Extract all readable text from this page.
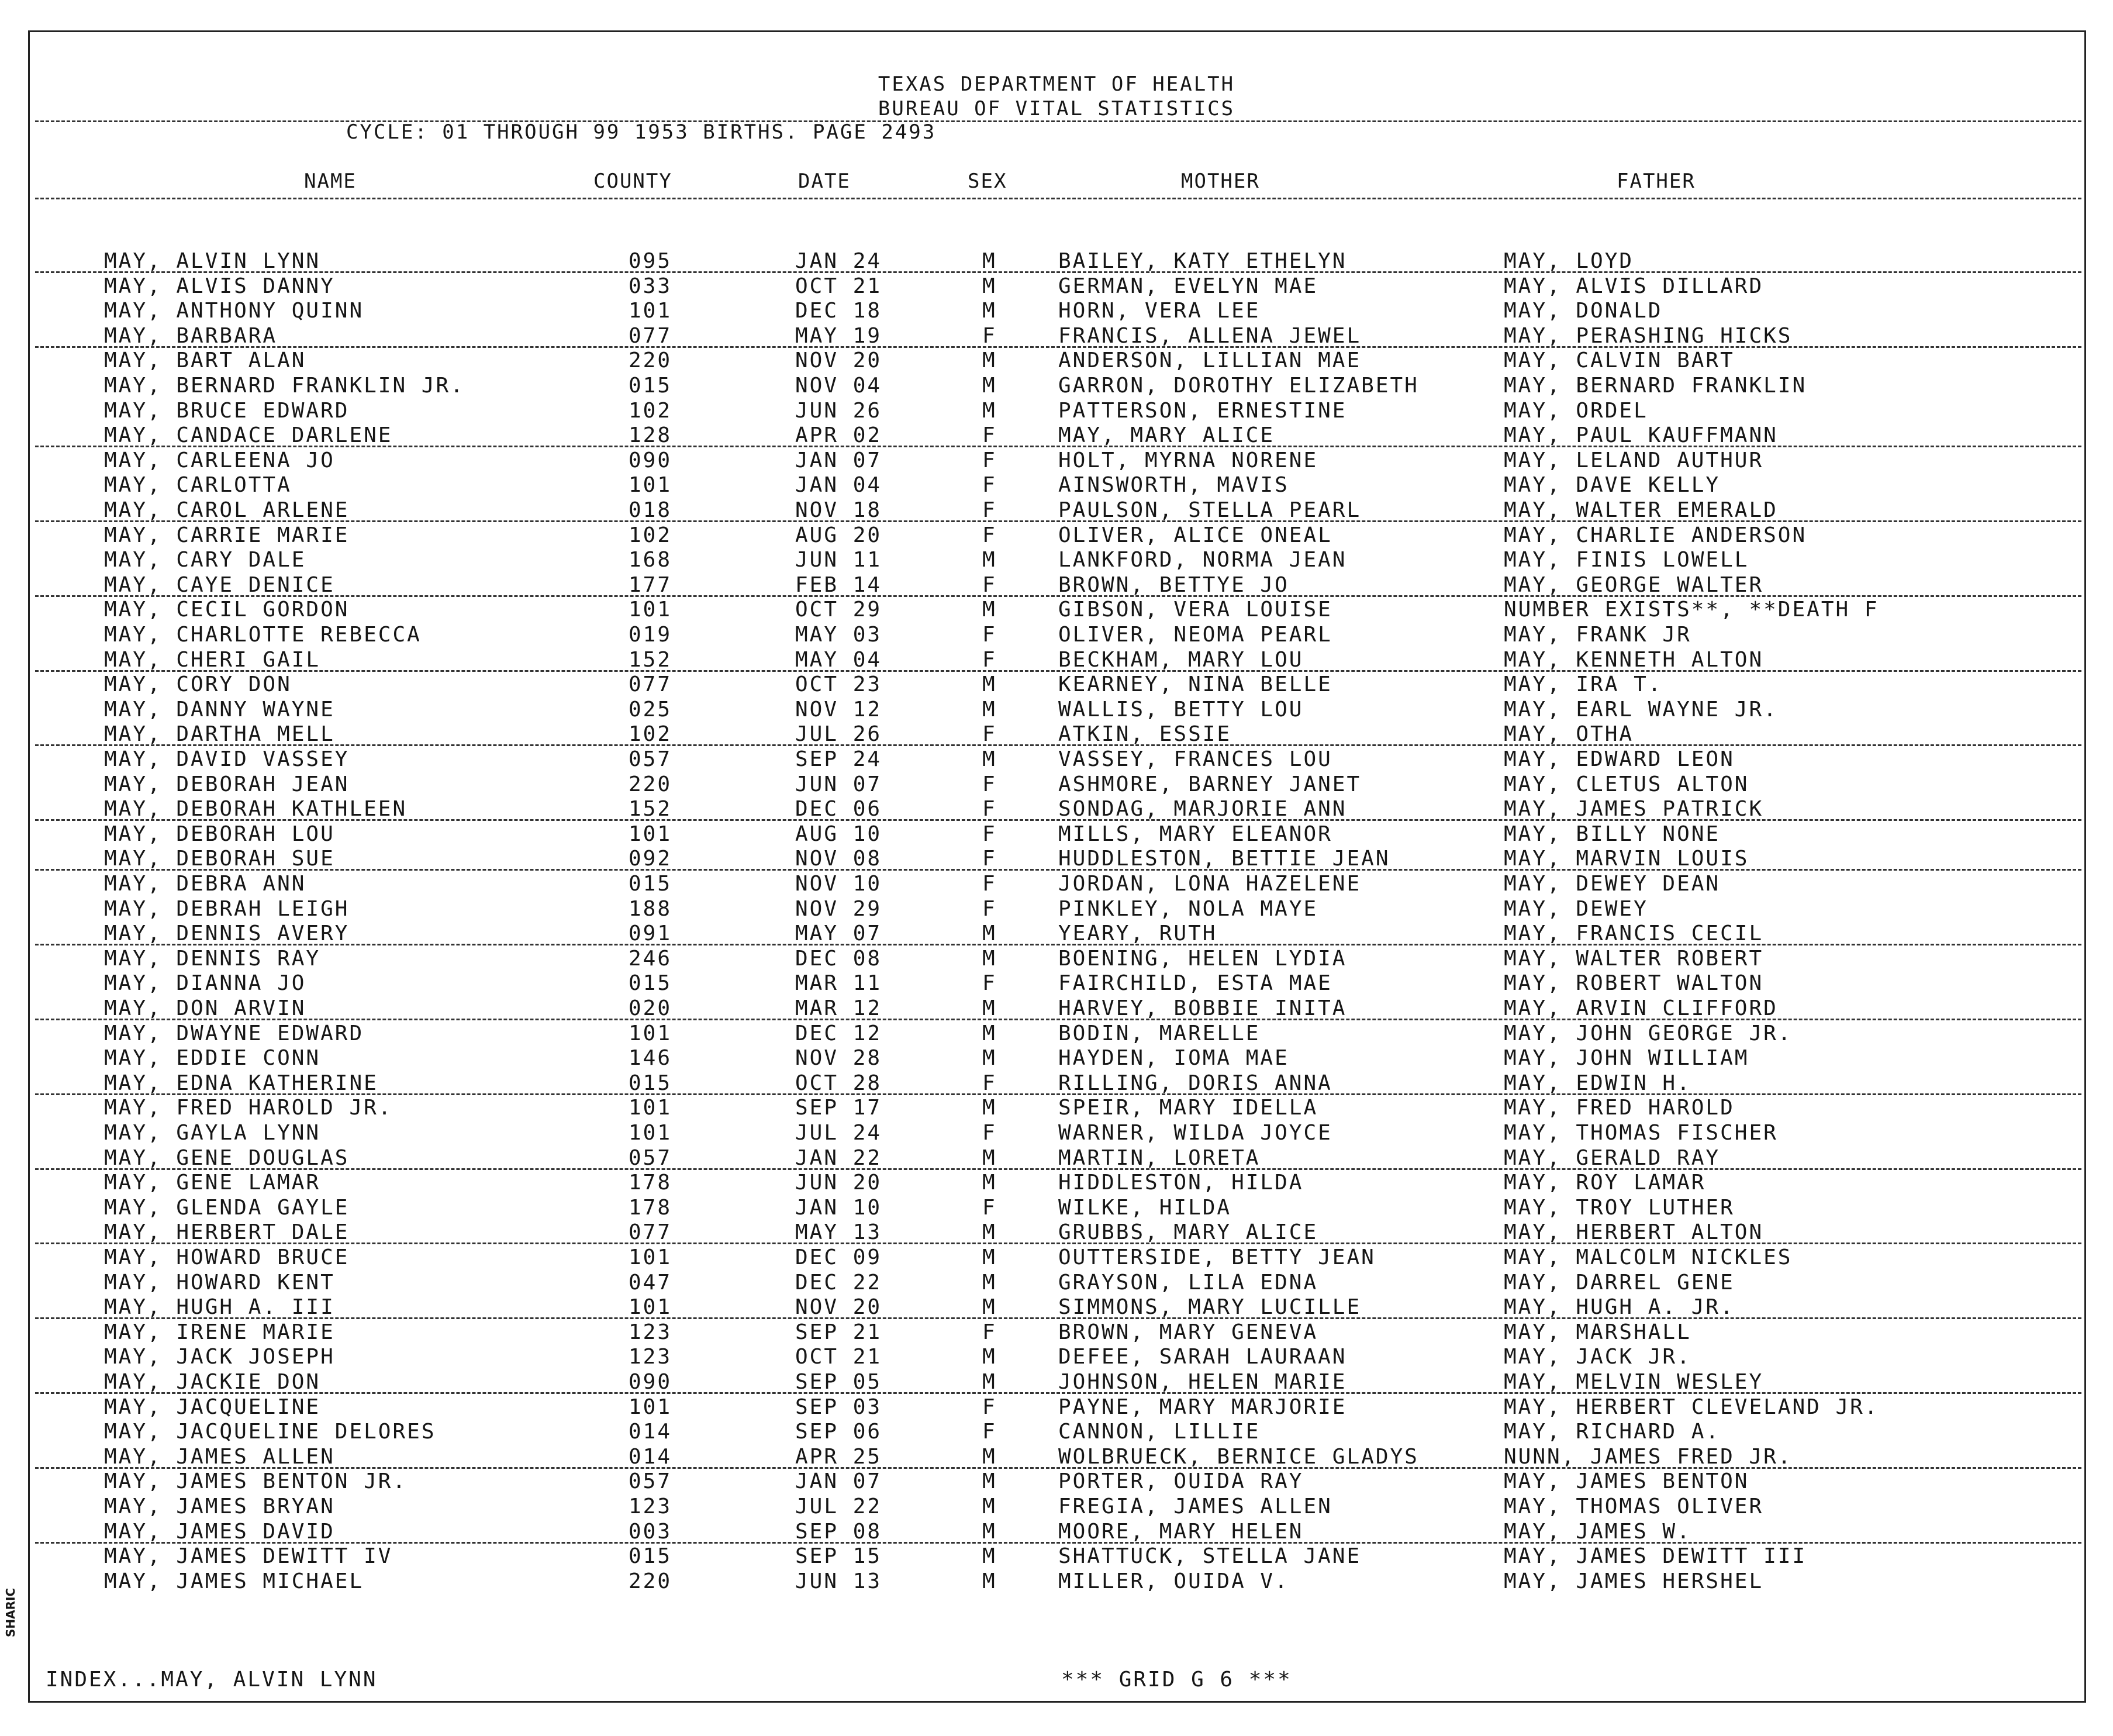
TEXAS DEPARTMENT OF HEALTH
BUREAU OF VITAL STATISTICS
CYCLE: 01 THROUGH 99 1953 BIRTHS. PAGE 2493
NAME	COUNTY	DATE	SEX	MOTHER	FATHER
MAY, ALVIN LYNN	095	JAN 24	M	BAILEY, KATY ETHELYN	MAY, LOYD
MAY, ALVIS DANNY	033	OCT 21	M	GERMAN, EVELYN MAE	MAY, ALVIS DILLARD
MAY, ANTHONY QUINN	101	DEC 18	M	HORN, VERA LEE	MAY, DONALD
MAY, BARBARA	077	MAY 19	F	FRANCIS, ALLENA JEWEL	MAY, PERASHING HICKS
MAY, BART ALAN	220	NOV 20	M	ANDERSON, LILLIAN MAE	MAY, CALVIN BART
MAY, BERNARD FRANKLIN JR.	015	NOV 04	M	GARRON, DOROTHY ELIZABETH	MAY, BERNARD FRANKLIN
MAY, BRUCE EDWARD	102	JUN 26	M	PATTERSON, ERNESTINE	MAY, ORDEL
MAY, CANDACE DARLENE	128	APR 02	F	MAY, MARY ALICE	MAY, PAUL KAUFFMANN
MAY, CARLEENA JO	090	JAN 07	F	HOLT, MYRNA NORENE	MAY, LELAND AUTHUR
MAY, CARLOTTA	101	JAN 04	F	AINSWORTH, MAVIS	MAY, DAVE KELLY
MAY, CAROL ARLENE	018	NOV 18	F	PAULSON, STELLA PEARL	MAY, WALTER EMERALD
MAY, CARRIE MARIE	102	AUG 20	F	OLIVER, ALICE ONEAL	MAY, CHARLIE ANDERSON
MAY, CARY DALE	168	JUN 11	M	LANKFORD, NORMA JEAN	MAY, FINIS LOWELL
MAY, CAYE DENICE	177	FEB 14	F	BROWN, BETTYE JO	MAY, GEORGE WALTER
MAY, CECIL GORDON	101	OCT 29	M	GIBSON, VERA LOUISE	NUMBER EXISTS**, **DEATH F
MAY, CHARLOTTE REBECCA	019	MAY 03	F	OLIVER, NEOMA PEARL	MAY, FRANK JR
MAY, CHERI GAIL	152	MAY 04	F	BECKHAM, MARY LOU	MAY, KENNETH ALTON
MAY, CORY DON	077	OCT 23	M	KEARNEY, NINA BELLE	MAY, IRA T.
MAY, DANNY WAYNE	025	NOV 12	M	WALLIS, BETTY LOU	MAY, EARL WAYNE JR.
MAY, DARTHA MELL	102	JUL 26	F	ATKIN, ESSIE	MAY, OTHA
MAY, DAVID VASSEY	057	SEP 24	M	VASSEY, FRANCES LOU	MAY, EDWARD LEON
MAY, DEBORAH JEAN	220	JUN 07	F	ASHMORE, BARNEY JANET	MAY, CLETUS ALTON
MAY, DEBORAH KATHLEEN	152	DEC 06	F	SONDAG, MARJORIE ANN	MAY, JAMES PATRICK
MAY, DEBORAH LOU	101	AUG 10	F	MILLS, MARY ELEANOR	MAY, BILLY NONE
MAY, DEBORAH SUE	092	NOV 08	F	HUDDLESTON, BETTIE JEAN	MAY, MARVIN LOUIS
MAY, DEBRA ANN	015	NOV 10	F	JORDAN, LONA HAZELENE	MAY, DEWEY DEAN
MAY, DEBRAH LEIGH	188	NOV 29	F	PINKLEY, NOLA MAYE	MAY, DEWEY
MAY, DENNIS AVERY	091	MAY 07	M	YEARY, RUTH	MAY, FRANCIS CECIL
MAY, DENNIS RAY	246	DEC 08	M	BOENING, HELEN LYDIA	MAY, WALTER ROBERT
MAY, DIANNA JO	015	MAR 11	F	FAIRCHILD, ESTA MAE	MAY, ROBERT WALTON
MAY, DON ARVIN	020	MAR 12	M	HARVEY, BOBBIE INITA	MAY, ARVIN CLIFFORD
MAY, DWAYNE EDWARD	101	DEC 12	M	BODIN, MARELLE	MAY, JOHN GEORGE JR.
MAY, EDDIE CONN	146	NOV 28	M	HAYDEN, IOMA MAE	MAY, JOHN WILLIAM
MAY, EDNA KATHERINE	015	OCT 28	F	RILLING, DORIS ANNA	MAY, EDWIN H.
MAY, FRED HAROLD JR.	101	SEP 17	M	SPEIR, MARY IDELLA	MAY, FRED HAROLD
MAY, GAYLA LYNN	101	JUL 24	F	WARNER, WILDA JOYCE	MAY, THOMAS FISCHER
MAY, GENE DOUGLAS	057	JAN 22	M	MARTIN, LORETA	MAY, GERALD RAY
MAY, GENE LAMAR	178	JUN 20	M	HIDDLESTON, HILDA	MAY, ROY LAMAR
MAY, GLENDA GAYLE	178	JAN 10	F	WILKE, HILDA	MAY, TROY LUTHER
MAY, HERBERT DALE	077	MAY 13	M	GRUBBS, MARY ALICE	MAY, HERBERT ALTON
MAY, HOWARD BRUCE	101	DEC 09	M	OUTTERSIDE, BETTY JEAN	MAY, MALCOLM NICKLES
MAY, HOWARD KENT	047	DEC 22	M	GRAYSON, LILA EDNA	MAY, DARREL GENE
MAY, HUGH A. III	101	NOV 20	M	SIMMONS, MARY LUCILLE	MAY, HUGH A. JR.
MAY, IRENE MARIE	123	SEP 21	F	BROWN, MARY GENEVA	MAY, MARSHALL
MAY, JACK JOSEPH	123	OCT 21	M	DEFEE, SARAH LAURAAN	MAY, JACK JR.
MAY, JACKIE DON	090	SEP 05	M	JOHNSON, HELEN MARIE	MAY, MELVIN WESLEY
MAY, JACQUELINE	101	SEP 03	F	PAYNE, MARY MARJORIE	MAY, HERBERT CLEVELAND JR.
MAY, JACQUELINE DELORES	014	SEP 06	F	CANNON, LILLIE	MAY, RICHARD A.
MAY, JAMES ALLEN	014	APR 25	M	WOLBRUECK, BERNICE GLADYS	NUNN, JAMES FRED JR.
MAY, JAMES BENTON JR.	057	JAN 07	M	PORTER, OUIDA RAY	MAY, JAMES BENTON
MAY, JAMES BRYAN	123	JUL 22	M	FREGIA, JAMES ALLEN	MAY, THOMAS OLIVER
MAY, JAMES DAVID	003	SEP 08	M	MOORE, MARY HELEN	MAY, JAMES W.
MAY, JAMES DEWITT IV	015	SEP 15	M	SHATTUCK, STELLA JANE	MAY, JAMES DEWITT III
MAY, JAMES MICHAEL	220	JUN 13	M	MILLER, OUIDA V.	MAY, JAMES HERSHEL
INDEX...MAY, ALVIN LYNN	*** GRID G 6 ***
SHARIC
